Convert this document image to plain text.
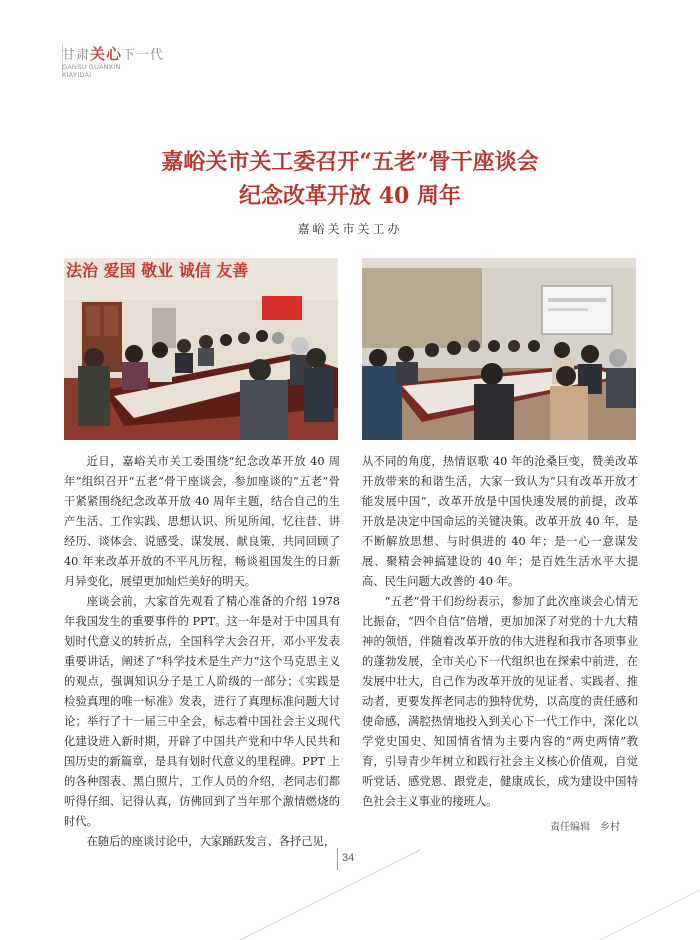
甘肃关心下一代
GANSU GUANXIN
XIAYIDAI
嘉峪关市关工委召开“五老”骨干座谈会
纪念改革开放 40 周年
嘉峪关市关工办
法治 爱国 敬业 诚信 友善

近日，嘉峪关市关工委围绕“纪念改革开放 40 周年”组织召开“五老”骨干座谈会，参加座谈的“五老”骨干紧紧围绕纪念改革开放 40 周年主题，结合自己的生产生活、工作实践、思想认识、所见所闻，忆往昔、讲经历、谈体会、说感受、谋发展、献良策，共同回顾了 40 年来改革开放的不平凡历程，畅谈祖国发生的日新月异变化，展望更加灿烂美好的明天。

座谈会前，大家首先观看了精心准备的介绍 1978 年我国发生的重要事件的 PPT。这一年是对于中国具有划时代意义的转折点，全国科学大会召开，邓小平发表重要讲话，阐述了“科学技术是生产力”这个马克思主义的观点，强调知识分子是工人阶级的一部分；《实践是检验真理的唯一标准》发表，进行了真理标准问题大讨论；举行了十一届三中全会，标志着中国社会主义现代化建设进入新时期，开辟了中国共产党和中华人民共和国历史的新篇章，是具有划时代意义的里程碑。PPT 上的各种图表、黑白照片，工作人员的介绍，老同志们都听得仔细、记得认真，仿佛回到了当年那个激情燃烧的时代。

在随后的座谈讨论中，大家踊跃发言、各抒己见，

从不同的角度，热情讴歌 40 年的沧桑巨变，赞美改革开放带来的和谐生活，大家一致认为“只有改革开放才能发展中国”，改革开放是中国快速发展的前提，改革开放是决定中国命运的关键决策。改革开放 40 年，是不断解放思想、与时俱进的 40 年；是一心一意谋发展、聚精会神搞建设的 40 年；是百姓生活水平大提高、民生问题大改善的 40 年。

“五老”骨干们纷纷表示，参加了此次座谈会心情无比振奋，“四个自信”倍增，更加加深了对党的十九大精神的领悟，伴随着改革开放的伟大进程和我市各项事业的蓬勃发展，全市关心下一代组织也在探索中前进，在发展中壮大，自己作为改革开放的见证者、实践者、推动者，更要发挥老同志的独特优势，以高度的责任感和使命感，满腔热情地投入到关心下一代工作中，深化以学党史国史、知国情省情为主要内容的“两史两情”教育，引导青少年树立和践行社会主义核心价值观，自觉听党话、感党恩、跟党走，健康成长，成为建设中国特色社会主义事业的接班人。

责任编辑　乡村
34
